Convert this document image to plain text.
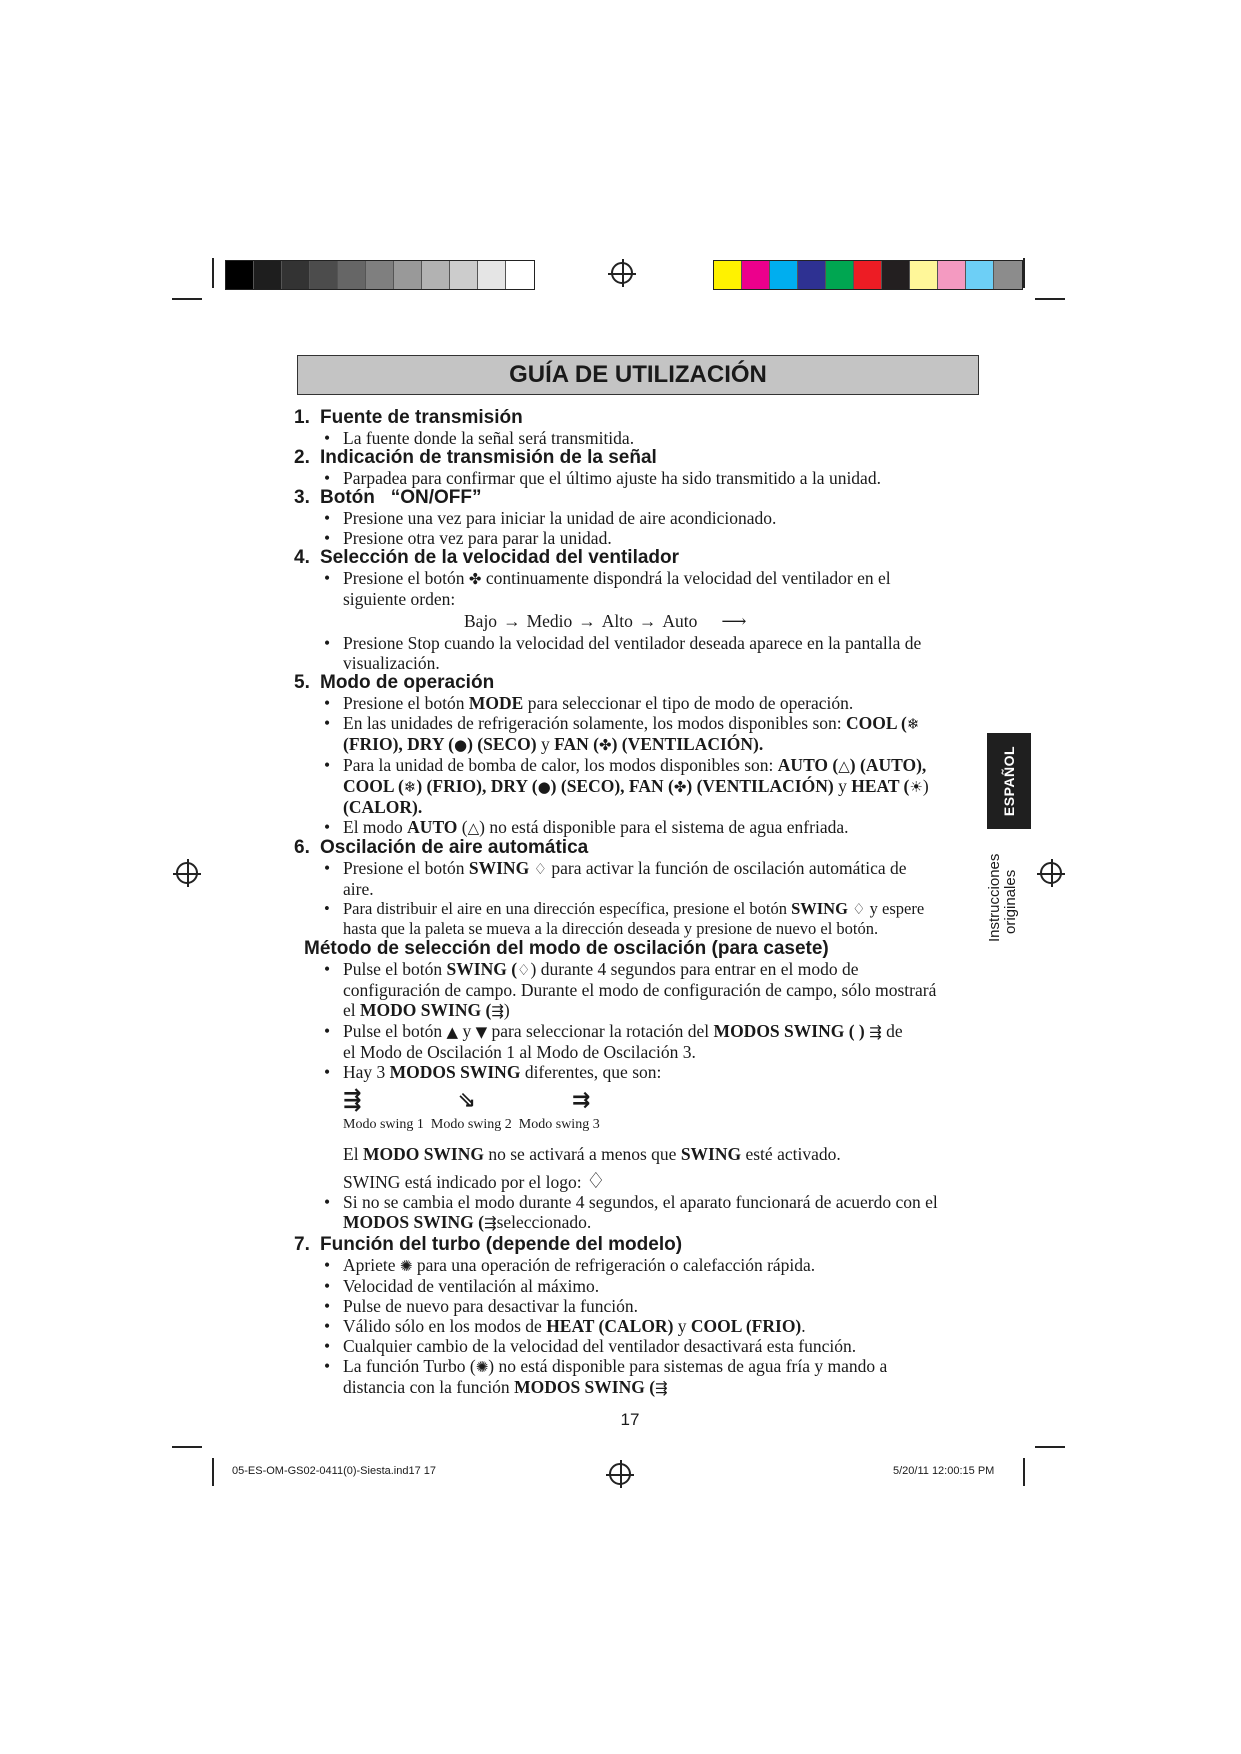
GUÍA DE UTILIZACIÓN

1. Fuente de transmisión

• La fuente donde la señal será transmitida.

2. Indicación de transmisión de la señal

• Parpadea para confirmar que el último ajuste ha sido transmitido a la unidad.

3. Botón   “ON/OFF”

• Presione una vez para iniciar la unidad de aire acondicionado.

• Presione otra vez para parar la unidad.

4. Selección de la velocidad del ventilador

• Presione el botón ✤ continuamente dispondrá la velocidad del ventilador en el

siguiente orden:

Bajo → Medio → Alto → Auto ⟶

• Presione Stop cuando la velocidad del ventilador deseada aparece en la pantalla de

visualización.

5. Modo de operación

• Presione el botón MODE para seleccionar el tipo de modo de operación.

• En las unidades de refrigeración solamente, los modos disponibles son: COOL (❄
(FRIO), DRY (●) (SECO) y FAN (✤) (VENTILACIÓN).

• Para la unidad de bomba de calor, los modos disponibles son: AUTO (△) (AUTO),
COOL (❄) (FRIO), DRY (●) (SECO), FAN (✤) (VENTILACIÓN) y HEAT (☀)
(CALOR).

• El modo AUTO (△) no está disponible para el sistema de agua enfriada.

6. Oscilación de aire automática

• Presione el botón SWING ♢ para activar la función de oscilación automática de

aire.

• Para distribuir el aire en una dirección específica, presione el botón SWING ♢ y espere

hasta que la paleta se mueva a la dirección deseada y presione de nuevo el botón.

Método de selección del modo de oscilación (para casete)

• Pulse el botón SWING (♢) durante 4 segundos para entrar en el modo de

configuración de campo. Durante el modo de configuración de campo, sólo mostrará

el MODO SWING (⇶)

• Pulse el botón ▲ y ▼ para seleccionar la rotación del MODOS SWING ( ) ⇶ de

el Modo de Oscilación 1 al Modo de Oscilación 3.

• Hay 3 MODOS SWING diferentes, que son:

⇶	⇘	⇉

Modo swing 1  Modo swing 2  Modo swing 3

El MODO SWING no se activará a menos que SWING esté activado.

SWING está indicado por el logo: ♢

• Si no se cambia el modo durante 4 segundos, el aparato funcionará de acuerdo con el

MODOS SWING (⇶seleccionado.

7. Función del turbo (depende del modelo)

• Apriete ✺ para una operación de refrigeración o calefacción rápida.

• Velocidad de ventilación al máximo.

• Pulse de nuevo para desactivar la función.

• Válido sólo en los modos de HEAT (CALOR) y COOL (FRIO).

• Cualquier cambio de la velocidad del ventilador desactivará esta función.

• La función Turbo (✺) no está disponible para sistemas de agua fría y mando a

distancia con la función MODOS SWING (⇶

17
ESPAÑOL
Instrucciones originales
05-ES-OM-GS02-0411(0)-Siesta.ind17 17	5/20/11 12:00:15 PM
